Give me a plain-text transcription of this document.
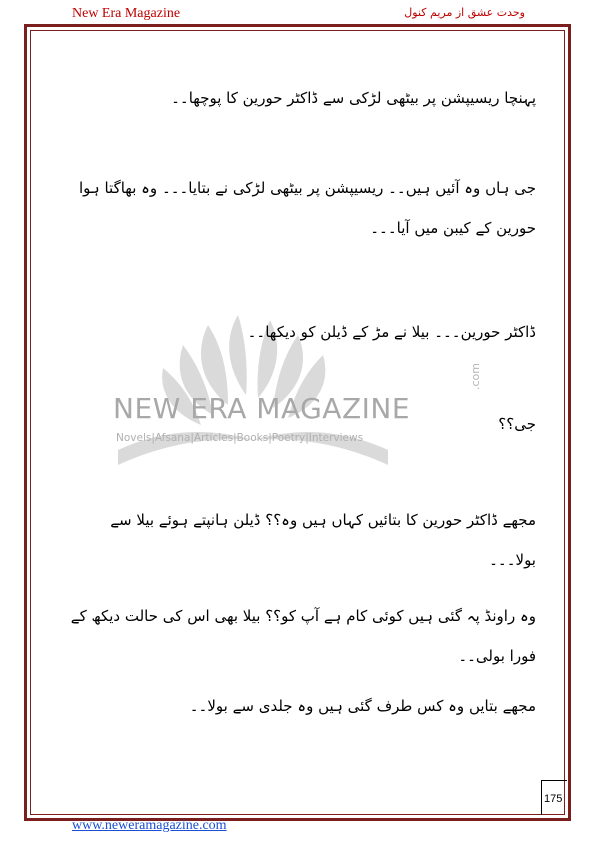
New Era Magazine	وحدت عشق از مریم کنول
NEW ERA MAGAZINE
Novels|Afsana|Articles|Books|Poetry|Interviews
.com
پہنچا ریسیپشن پر بیٹھی لڑکی سے ڈاکٹر حورین کا پوچھا۔۔
جی ہاں وہ آئیں ہیں۔۔ ریسیپشن پر بیٹھی لڑکی نے بتایا۔۔۔ وہ بھاگتا ہوا حورین کے کیبن میں آیا۔۔۔
ڈاکٹر حورین۔۔۔ بیلا نے مڑ کے ڈیلن کو دیکھا۔۔
جی؟؟
مجھے ڈاکٹر حورین کا بتائیں کہاں ہیں وہ؟؟ ڈیلن ہانپتے ہوئے بیلا سے بولا۔۔۔
وہ راونڈ پہ گئی ہیں کوئی کام ہے آپ کو؟؟ بیلا بھی اس کی حالت دیکھ کے فورا بولی۔۔
مجھے بتایں وہ کس طرف گئی ہیں وہ جلدی سے بولا۔۔
175
www.neweramagazine.com
